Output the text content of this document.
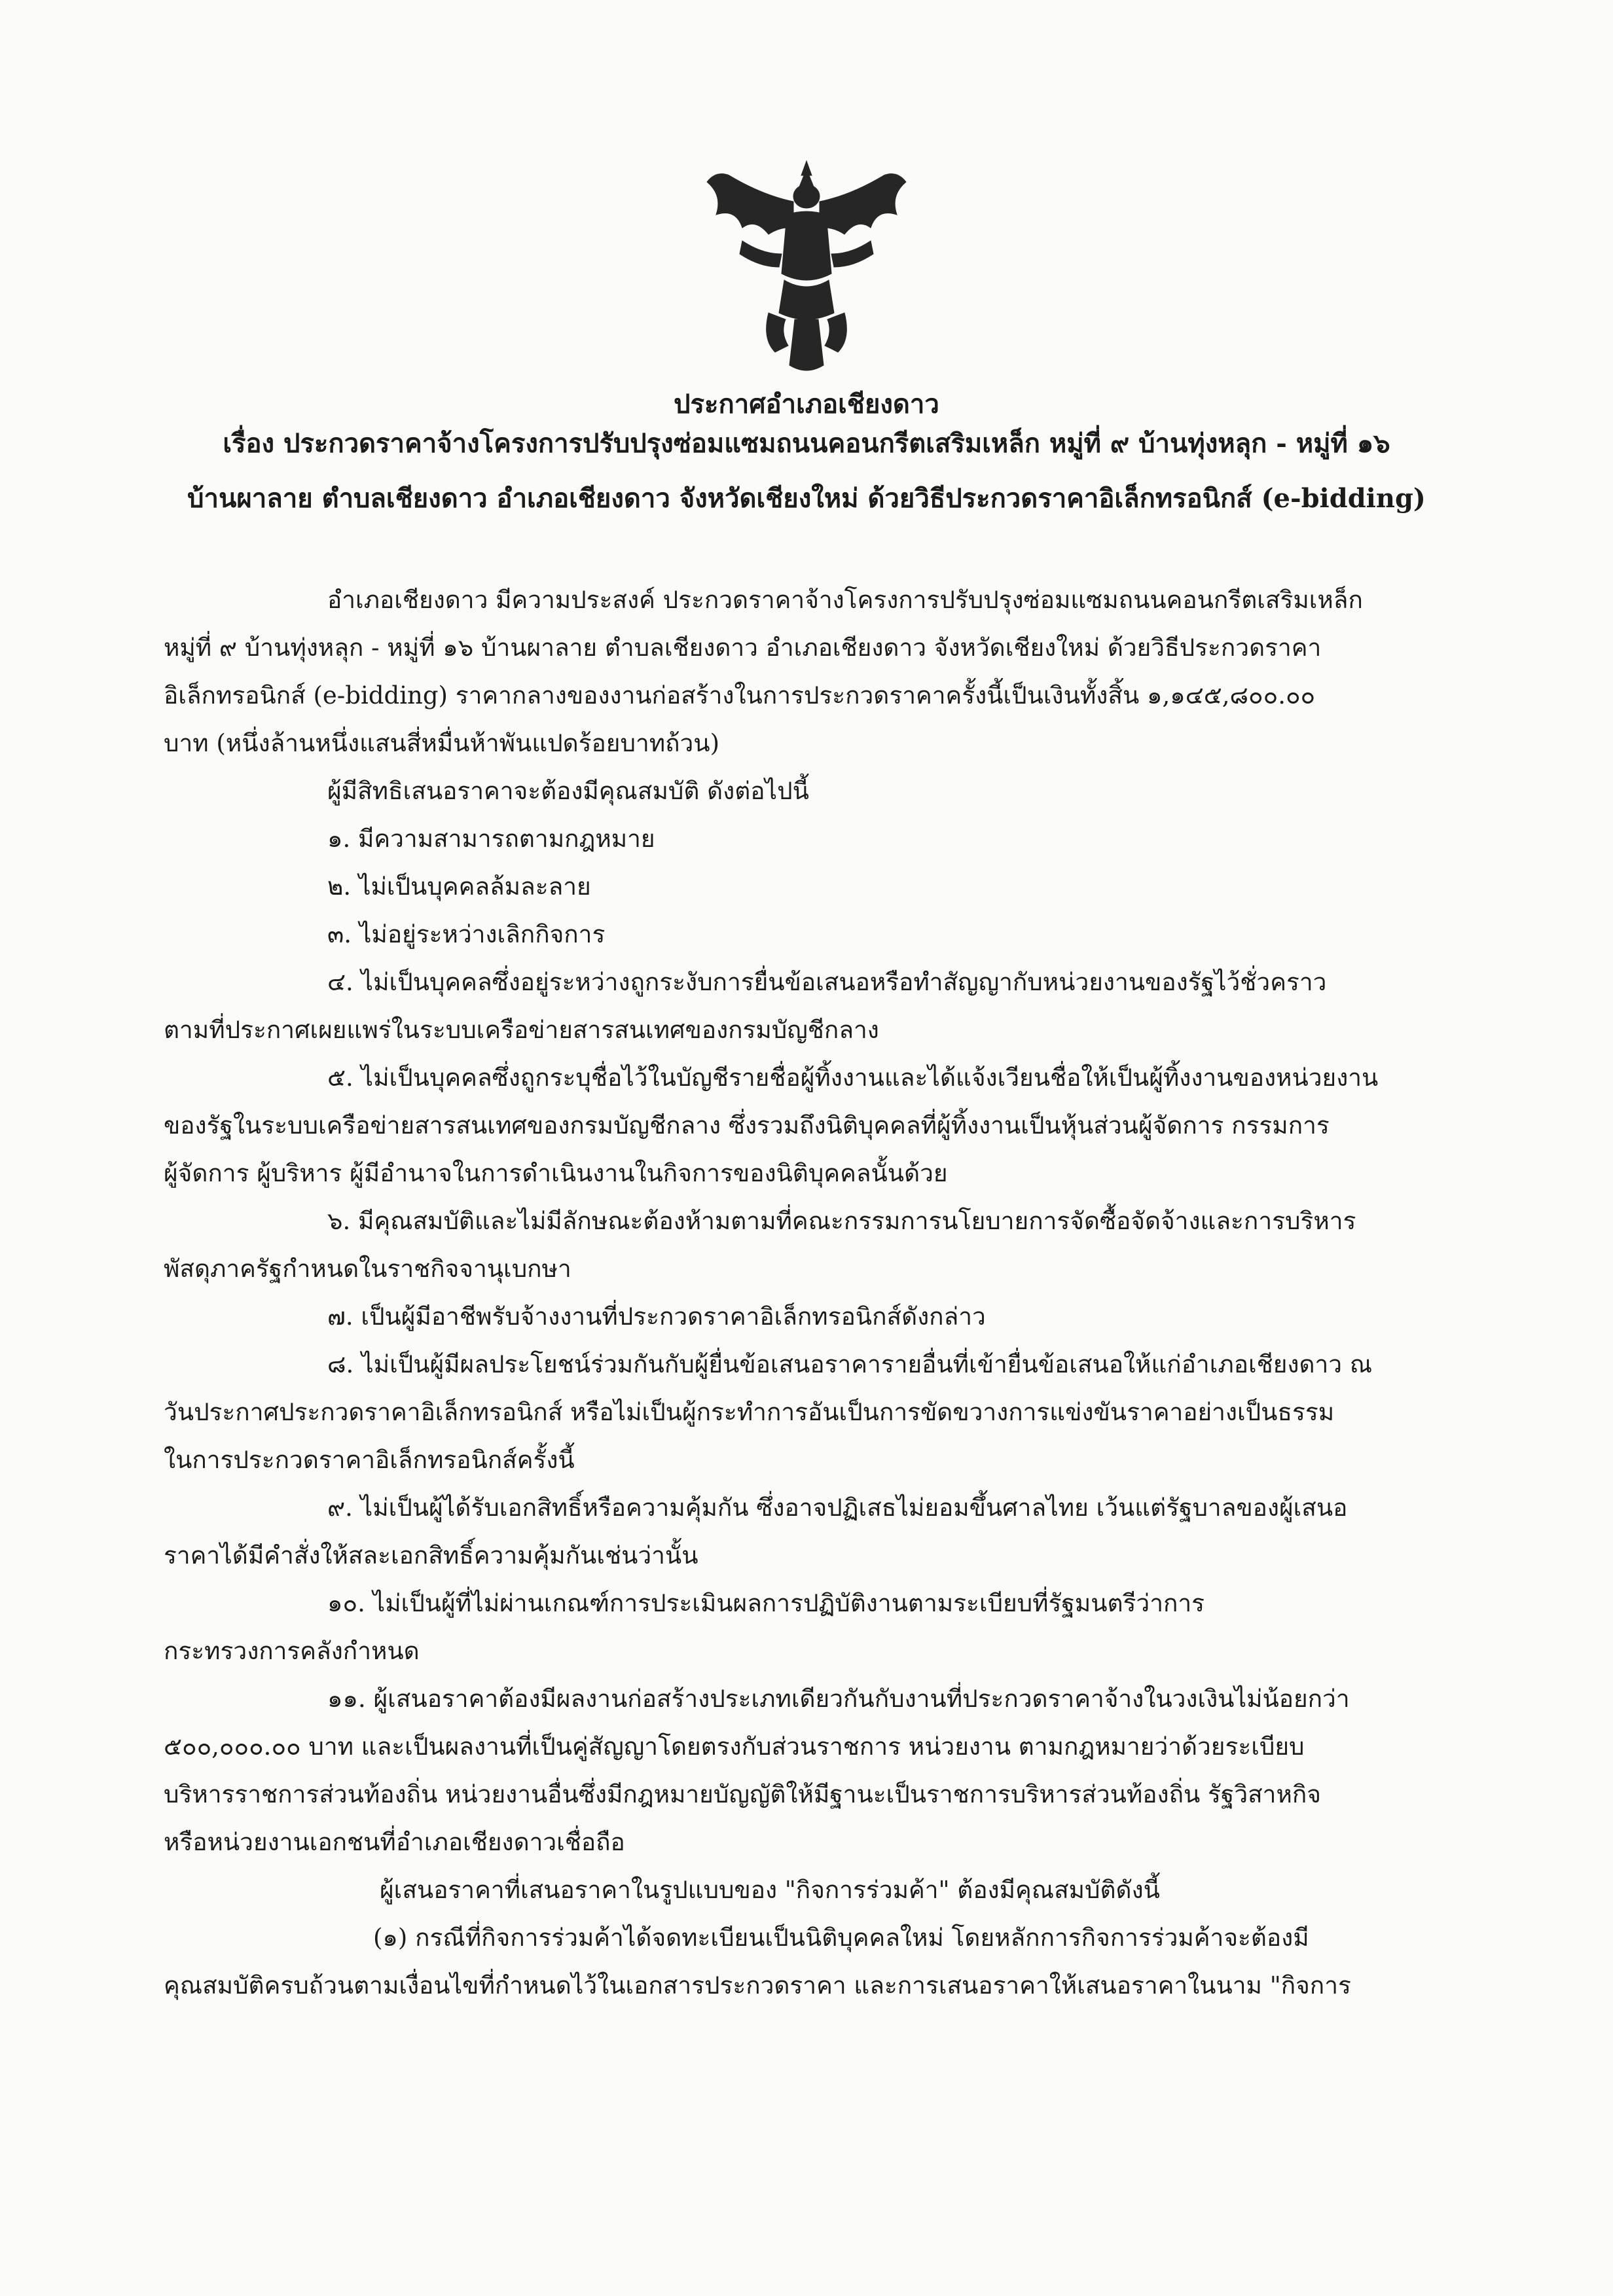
ประกาศอำเภอเชียงดาว
เรื่อง ประกวดราคาจ้างโครงการปรับปรุงซ่อมแซมถนนคอนกรีตเสริมเหล็ก หมู่ที่ ๙ บ้านทุ่งหลุก - หมู่ที่ ๑๖
บ้านผาลาย ตำบลเชียงดาว อำเภอเชียงดาว จังหวัดเชียงใหม่ ด้วยวิธีประกวดราคาอิเล็กทรอนิกส์ (e-bidding)

อำเภอเชียงดาว มีความประสงค์ ประกวดราคาจ้างโครงการปรับปรุงซ่อมแซมถนนคอนกรีตเสริมเหล็ก

หมู่ที่ ๙ บ้านทุ่งหลุก - หมู่ที่ ๑๖ บ้านผาลาย ตำบลเชียงดาว อำเภอเชียงดาว จังหวัดเชียงใหม่ ด้วยวิธีประกวดราคา

อิเล็กทรอนิกส์ (e-bidding) ราคากลางของงานก่อสร้างในการประกวดราคาครั้งนี้เป็นเงินทั้งสิ้น ๑,๑๔๕,๘๐๐.๐๐

บาท (หนึ่งล้านหนึ่งแสนสี่หมื่นห้าพันแปดร้อยบาทถ้วน)

ผู้มีสิทธิเสนอราคาจะต้องมีคุณสมบัติ ดังต่อไปนี้

๑. มีความสามารถตามกฎหมาย

๒. ไม่เป็นบุคคลล้มละลาย

๓. ไม่อยู่ระหว่างเลิกกิจการ

๔. ไม่เป็นบุคคลซึ่งอยู่ระหว่างถูกระงับการยื่นข้อเสนอหรือทำสัญญากับหน่วยงานของรัฐไว้ชั่วคราว

ตามที่ประกาศเผยแพร่ในระบบเครือข่ายสารสนเทศของกรมบัญชีกลาง

๕. ไม่เป็นบุคคลซึ่งถูกระบุชื่อไว้ในบัญชีรายชื่อผู้ทิ้งงานและได้แจ้งเวียนชื่อให้เป็นผู้ทิ้งงานของหน่วยงาน

ของรัฐในระบบเครือข่ายสารสนเทศของกรมบัญชีกลาง ซึ่งรวมถึงนิติบุคคลที่ผู้ทิ้งงานเป็นหุ้นส่วนผู้จัดการ กรรมการ

ผู้จัดการ ผู้บริหาร ผู้มีอำนาจในการดำเนินงานในกิจการของนิติบุคคลนั้นด้วย

๖. มีคุณสมบัติและไม่มีลักษณะต้องห้ามตามที่คณะกรรมการนโยบายการจัดซื้อจัดจ้างและการบริหาร

พัสดุภาครัฐกำหนดในราชกิจจานุเบกษา

๗. เป็นผู้มีอาชีพรับจ้างงานที่ประกวดราคาอิเล็กทรอนิกส์ดังกล่าว

๘. ไม่เป็นผู้มีผลประโยชน์ร่วมกันกับผู้ยื่นข้อเสนอราคารายอื่นที่เข้ายื่นข้อเสนอให้แก่อำเภอเชียงดาว ณ

วันประกาศประกวดราคาอิเล็กทรอนิกส์ หรือไม่เป็นผู้กระทำการอันเป็นการขัดขวางการแข่งขันราคาอย่างเป็นธรรม

ในการประกวดราคาอิเล็กทรอนิกส์ครั้งนี้

๙. ไม่เป็นผู้ได้รับเอกสิทธิ์หรือความคุ้มกัน ซึ่งอาจปฏิเสธไม่ยอมขึ้นศาลไทย เว้นแต่รัฐบาลของผู้เสนอ

ราคาได้มีคำสั่งให้สละเอกสิทธิ์ความคุ้มกันเช่นว่านั้น

๑๐. ไม่เป็นผู้ที่ไม่ผ่านเกณฑ์การประเมินผลการปฏิบัติงานตามระเบียบที่รัฐมนตรีว่าการ

กระทรวงการคลังกำหนด

๑๑. ผู้เสนอราคาต้องมีผลงานก่อสร้างประเภทเดียวกันกับงานที่ประกวดราคาจ้างในวงเงินไม่น้อยกว่า

๕๐๐,๐๐๐.๐๐ บาท และเป็นผลงานที่เป็นคู่สัญญาโดยตรงกับส่วนราชการ หน่วยงาน ตามกฎหมายว่าด้วยระเบียบ

บริหารราชการส่วนท้องถิ่น หน่วยงานอื่นซึ่งมีกฎหมายบัญญัติให้มีฐานะเป็นราชการบริหารส่วนท้องถิ่น รัฐวิสาหกิจ

หรือหน่วยงานเอกชนที่อำเภอเชียงดาวเชื่อถือ

ผู้เสนอราคาที่เสนอราคาในรูปแบบของ "กิจการร่วมค้า" ต้องมีคุณสมบัติดังนี้

(๑) กรณีที่กิจการร่วมค้าได้จดทะเบียนเป็นนิติบุคคลใหม่ โดยหลักการกิจการร่วมค้าจะต้องมี

คุณสมบัติครบถ้วนตามเงื่อนไขที่กำหนดไว้ในเอกสารประกวดราคา และการเสนอราคาให้เสนอราคาในนาม "กิจการ
